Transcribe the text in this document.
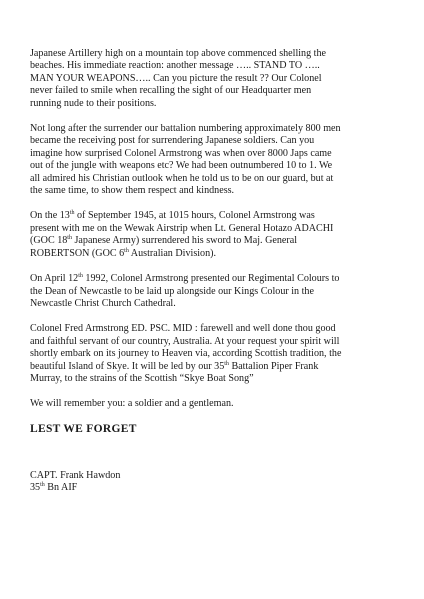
Japanese Artillery high on a mountain top above commenced shelling the
beaches. His immediate reaction: another message ….. STAND TO …..
MAN YOUR WEAPONS….. Can you picture the result ?? Our Colonel
never failed to smile when recalling the sight of our Headquarter men
running nude to their positions.

Not long after the surrender our battalion numbering approximately 800 men
became the receiving post for surrendering Japanese soldiers. Can you
imagine how surprised Colonel Armstrong was when over 8000 Japs came
out of the jungle with weapons etc? We had been outnumbered 10 to 1. We
all admired his Christian outlook when he told us to be on our guard, but at
the same time, to show them respect and kindness.

On the 13th of September 1945, at 1015 hours, Colonel Armstrong was
present with me on the Wewak Airstrip when Lt. General Hotazo ADACHI
(GOC 18th Japanese Army) surrendered his sword to Maj. General
ROBERTSON (GOC 6th Australian Division).

On April 12th 1992, Colonel Armstrong presented our Regimental Colours to
the Dean of Newcastle to be laid up alongside our Kings Colour in the
Newcastle Christ Church Cathedral.

Colonel Fred Armstrong ED. PSC. MID : farewell and well done thou good
and faithful servant of our country, Australia. At your request your spirit will
shortly embark on its journey to Heaven via, according Scottish tradition, the
beautiful Island of Skye. It will be led by our 35th Battalion Piper Frank
Murray, to the strains of the Scottish “Skye Boat Song”

We will remember you: a soldier and a gentleman.

LEST WE FORGET
CAPT. Frank Hawdon
35th Bn AIF
